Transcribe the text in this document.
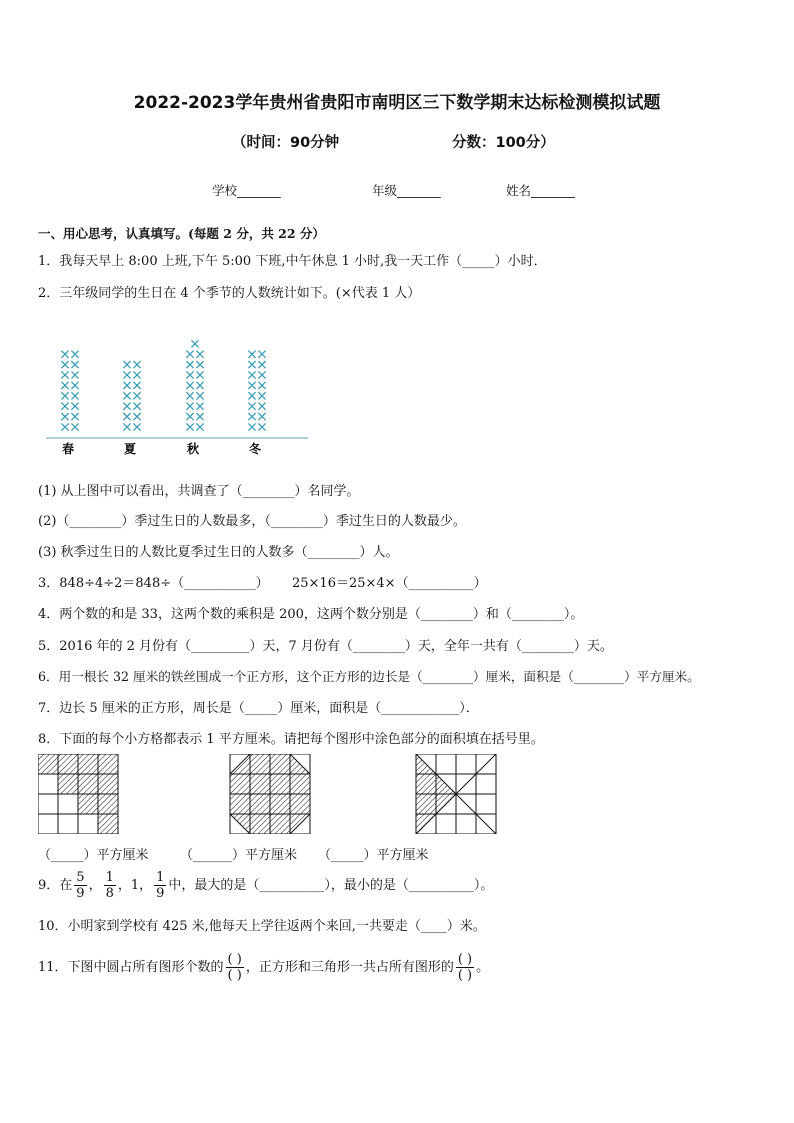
2022-2023学年贵州省贵阳市南明区三下数学期末达标检测模拟试题
（时间：90分钟	分数：100分）
学校_______	年级_______	姓名_______
一、用心思考，认真填写。(每题 2 分，共 22 分）
1．我每天早上 8:00 上班,下午 5:00 下班,中午休息 1 小时,我一天工作（_____）小时．
2．三年级同学的生日在 4 个季节的人数统计如下。(×代表 1 人）
春	夏	秋	冬
(1) 从上图中可以看出，共调查了（________）名同学。
(2)（________）季过生日的人数最多，（________）季过生日的人数最少。
(3) 秋季过生日的人数比夏季过生日的人数多（________）人。
3．848÷4÷2＝848÷（___________） 25×16＝25×4×（__________）
4．两个数的和是 33，这两个数的乘积是 200，这两个数分别是（________）和（________）。
5．2016 年的 2 月份有（_________）天，7 月份有（________）天，全年一共有（________）天。
6．用一根长 32 厘米的铁丝围成一个正方形，这个正方形的边长是（________）厘米，面积是（________）平方厘米。
7．边长 5 厘米的正方形，周长是（_____）厘米，面积是（____________）．
8．下面的每个小方格都表示 1 平方厘米。请把每个图形中涂色部分的面积填在括号里。
（_____）平方厘米 （______）平方厘米 （_____）平方厘米
9．在 $\frac{5}{9}$ ， $\frac{1}{8}$ ，1， $\frac{1}{9}$ 中，最大的是（__________），最小的是（__________）。
10．小明家到学校有 425 米,他每天上学往返两个来回,一共要走（____）米。
11．下图中圆占所有图形个数的 $\frac{( )}{( )}$ ，正方形和三角形一共占所有图形的 $\frac{( )}{( )}$ 。
